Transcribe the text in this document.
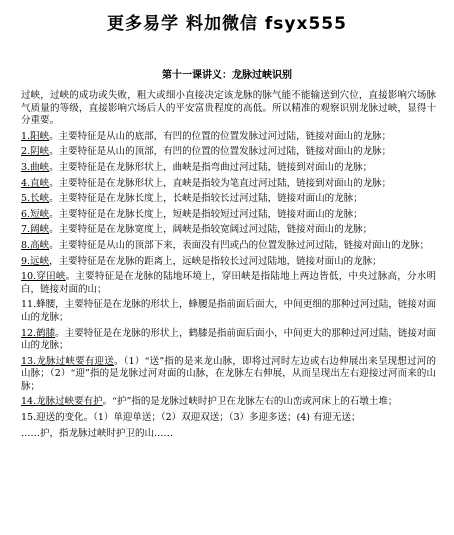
更多易学 料加微信 fsyx555
第十一课讲义：龙脉过峡识别

过峡，过峡的成功或失败，粗大或细小直接决定该龙脉的脉气能不能输送到穴位，直接影响穴场脉气质量的等级，直接影响穴场后人的平安富贵程度的高低。所以精准的观察识别龙脉过峡，显得十分重要。

1.阳峡。主要特征是从山的底部，有凹的位置的位置发脉过河过陆，链接对面山的龙脉；

2.阴峡。主要特征是从山的顶部，有凹的位置的位置发脉过河过陆，链接对面山的龙脉；

3.曲峡。主要特征是在龙脉形状上，曲峡是指弯曲过河过陆，链接到对面山的龙脉；

4.直峡。主要特征是在龙脉形状上，直峡是指较为笔直过河过陆，链接到对面山的龙脉；

5.长峡。主要特征是在龙脉长度上，长峡是指较长过河过陆，链接对面山的龙脉；

6.短峡。主要特征是在龙脉长度上，短峡是指较短过河过陆，链接对面山的龙脉；

7.阔峡。主要特征是在龙脉宽度上，阔峡是指较宽阔过河过陆，链接对面山的龙脉；

8.高峡。主要特征是从山的顶部下来，表面没有凹或凸的位置发脉过河过陆，链接对面山的龙脉；

9.远峡，主要特征是在龙脉的距离上，远峡是指较长过河过陆地，链接对面山的龙脉；

10.穿田峡。主要特征是在龙脉的陆地环境上，穿田峡是指陆地上两边皆低，中央过脉高，分水明白，链接对面的山；

11.蜂腰，主要特征是在龙脉的形状上，蜂腰是指前面后面大，中间更细的那种过河过陆，链接对面山的龙脉；

12.鹤膝。主要特征是在龙脉的形状上，鹤膝是指前面后面小，中间更大的那种过河过陆，链接对面山的龙脉；

13.龙脉过峡要有迎送。（1）“送”指的是来龙山脉，即将过河时左边或右边伸展出来呈现想过河的山脉；（2）“迎”指的是龙脉过河对面的山脉，在龙脉左右伸展，从而呈现出左右迎接过河而来的山脉；

14.龙脉过峡要有护。“护”指的是龙脉过峡时护卫在龙脉左右的山峦或河床上的石墩土堆；

15.迎送的变化。（1）单迎单送；（2）双迎双送；（3）多迎多送；(4) 有迎无送；

……护，指龙脉过峡时护卫的山……
